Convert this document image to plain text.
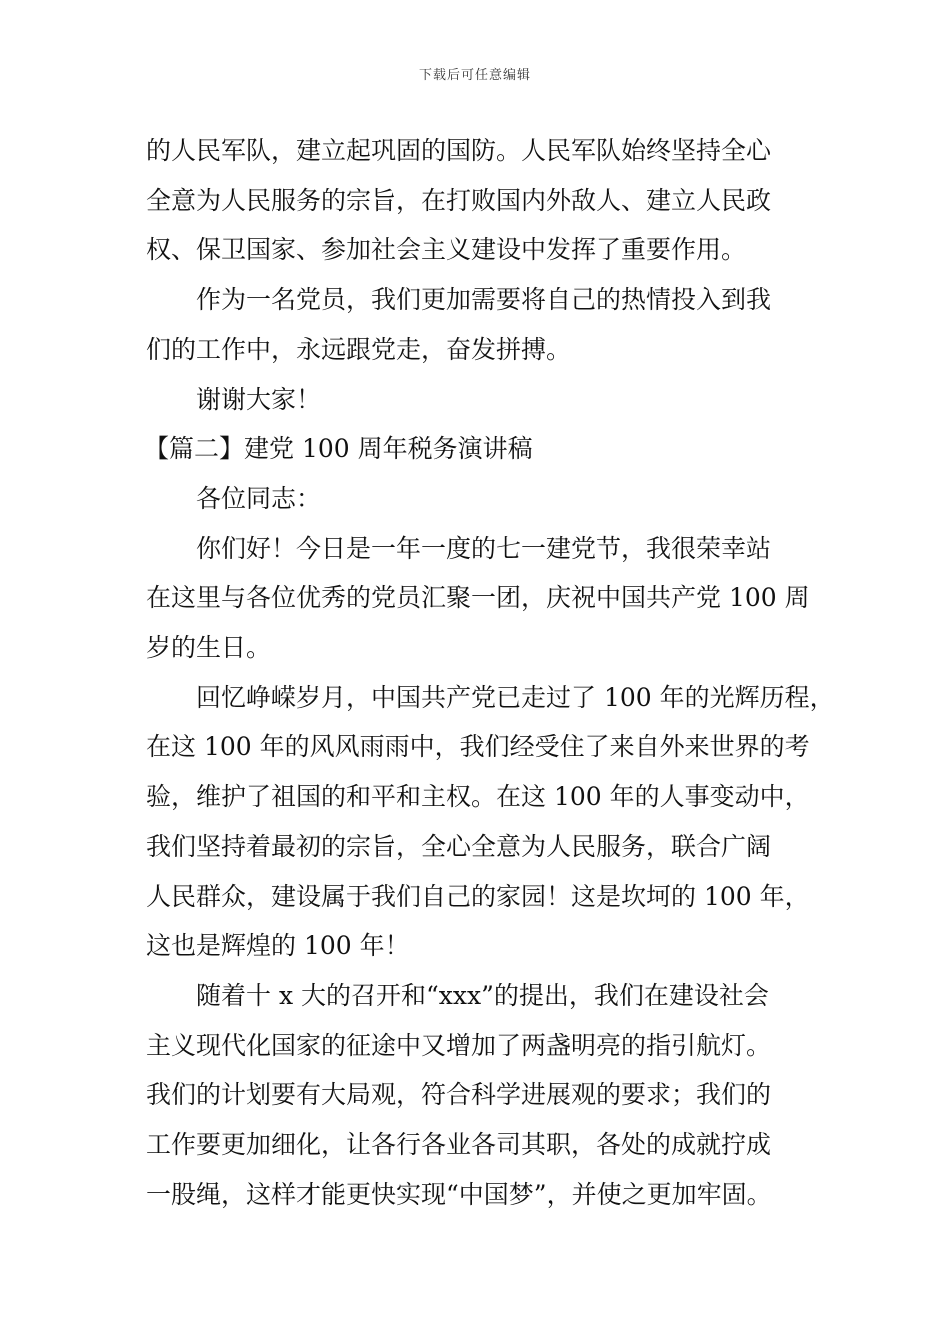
下载后可任意编辑
的人民军队，建立起巩固的国防。人民军队始终坚持全心
全意为人民服务的宗旨，在打败国内外敌人、建立人民政
权、保卫国家、参加社会主义建设中发挥了重要作用。
作为一名党员，我们更加需要将自己的热情投入到我
们的工作中，永远跟党走，奋发拼搏。
谢谢大家！
【篇二】建党 100 周年税务演讲稿
各位同志：
你们好！今日是一年一度的七一建党节，我很荣幸站
在这里与各位优秀的党员汇聚一团，庆祝中国共产党 100 周
岁的生日。
回忆峥嵘岁月，中国共产党已走过了 100 年的光辉历程，
在这 100 年的风风雨雨中，我们经受住了来自外来世界的考
验，维护了祖国的和平和主权。在这 100 年的人事变动中，
我们坚持着最初的宗旨，全心全意为人民服务，联合广阔
人民群众，建设属于我们自己的家园！这是坎坷的 100 年，
这也是辉煌的 100 年！
随着十 x 大的召开和“xxx”的提出，我们在建设社会
主义现代化国家的征途中又增加了两盏明亮的指引航灯。
我们的计划要有大局观，符合科学进展观的要求；我们的
工作要更加细化，让各行各业各司其职，各处的成就拧成
一股绳，这样才能更快实现“中国梦”，并使之更加牢固。
